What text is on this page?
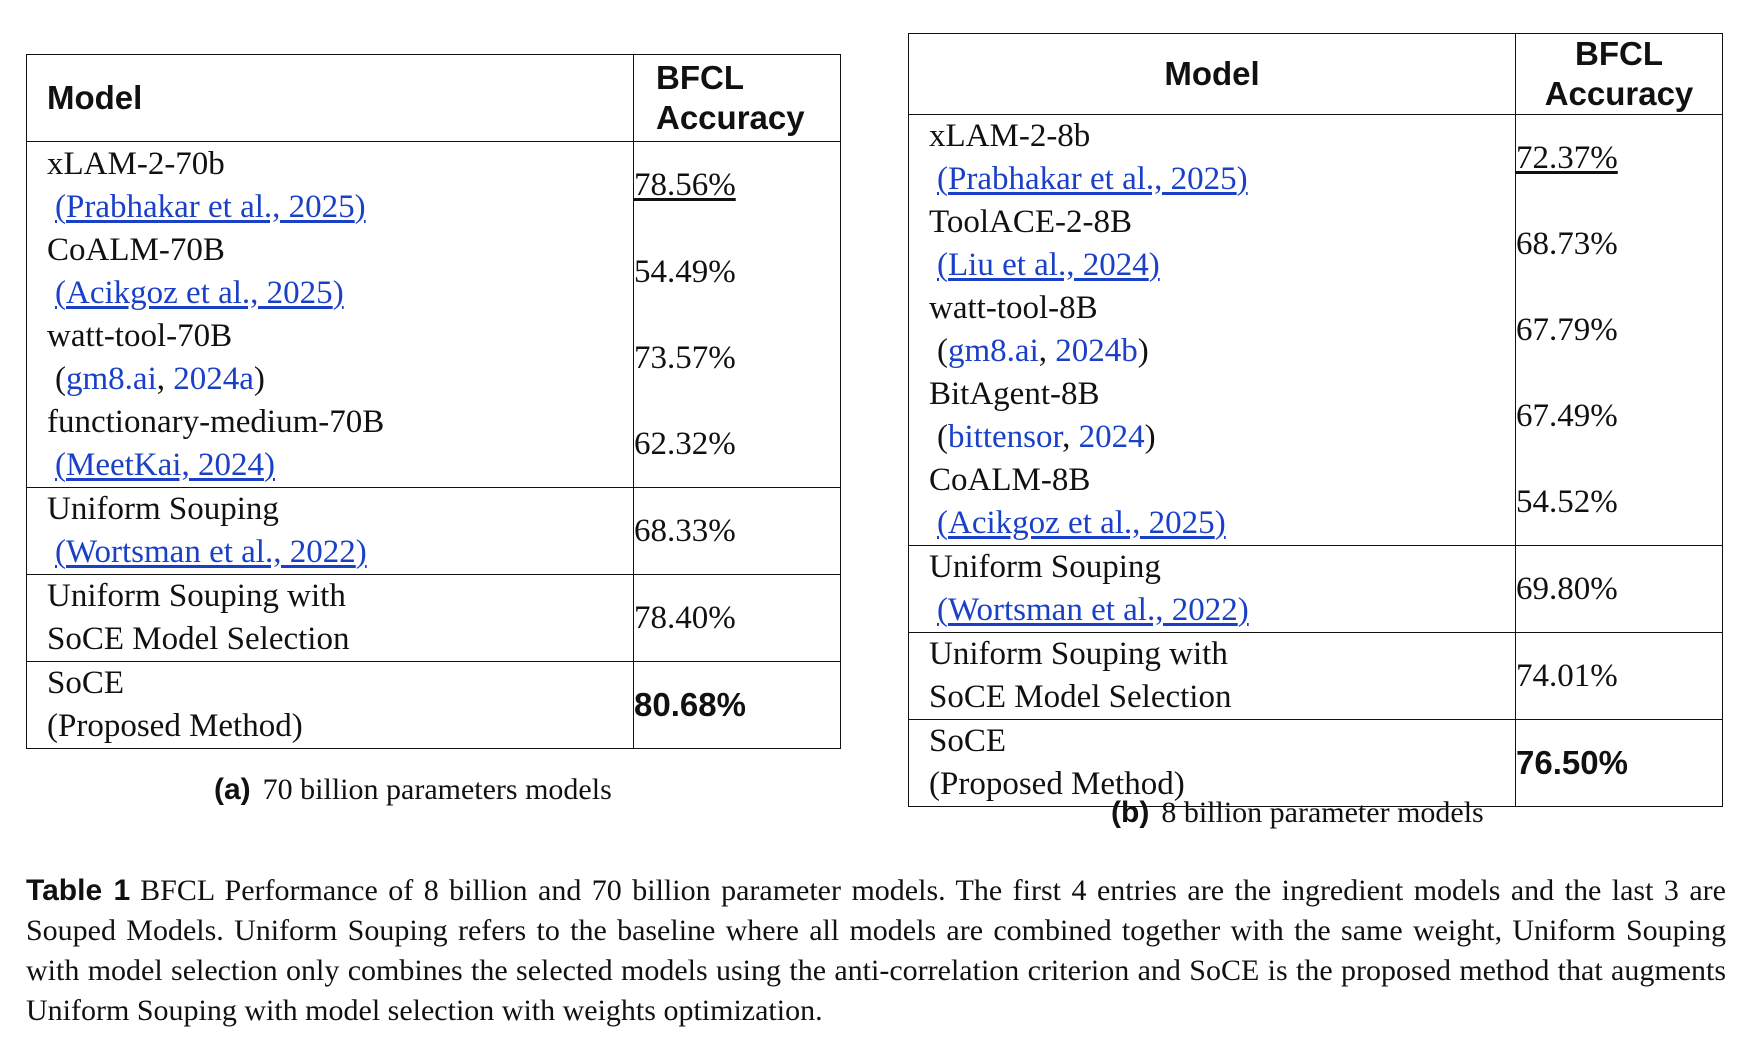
Model	BFCL
Accuracy

xLAM-2-70b
(Prabhakar et al., 2025)	78.56%

CoALM-70B
(Acikgoz et al., 2025)	54.49%

watt-tool-70B
(gm8.ai, 2024a)	73.57%

functionary-medium-70B
(MeetKai, 2024)	62.32%

Uniform Souping
(Wortsman et al., 2022)	68.33%

Uniform Souping with
SoCE Model Selection	78.40%

SoCE
(Proposed Method)	80.68%
(a) 70 billion parameters models
Model	BFCL Accuracy

xLAM-2-8b
(Prabhakar et al., 2025)	72.37%

ToolACE-2-8B
(Liu et al., 2024)	68.73%

watt-tool-8B
(gm8.ai, 2024b)	67.79%

BitAgent-8B
(bittensor, 2024)	67.49%

CoALM-8B
(Acikgoz et al., 2025)	54.52%

Uniform Souping
(Wortsman et al., 2022)	69.80%

Uniform Souping with
SoCE Model Selection	74.01%

SoCE
(Proposed Method)	76.50%
(b) 8 billion parameter models
Table 1 BFCL Performance of 8 billion and 70 billion parameter models. The first 4 entries are the ingredient models and the last 3 are Souped Models. Uniform Souping refers to the baseline where all models are combined together with the same weight, Uniform Souping with model selection only combines the selected models using the anti-correlation criterion and SoCE is the proposed method that augments Uniform Souping with model selection with weights optimization.
